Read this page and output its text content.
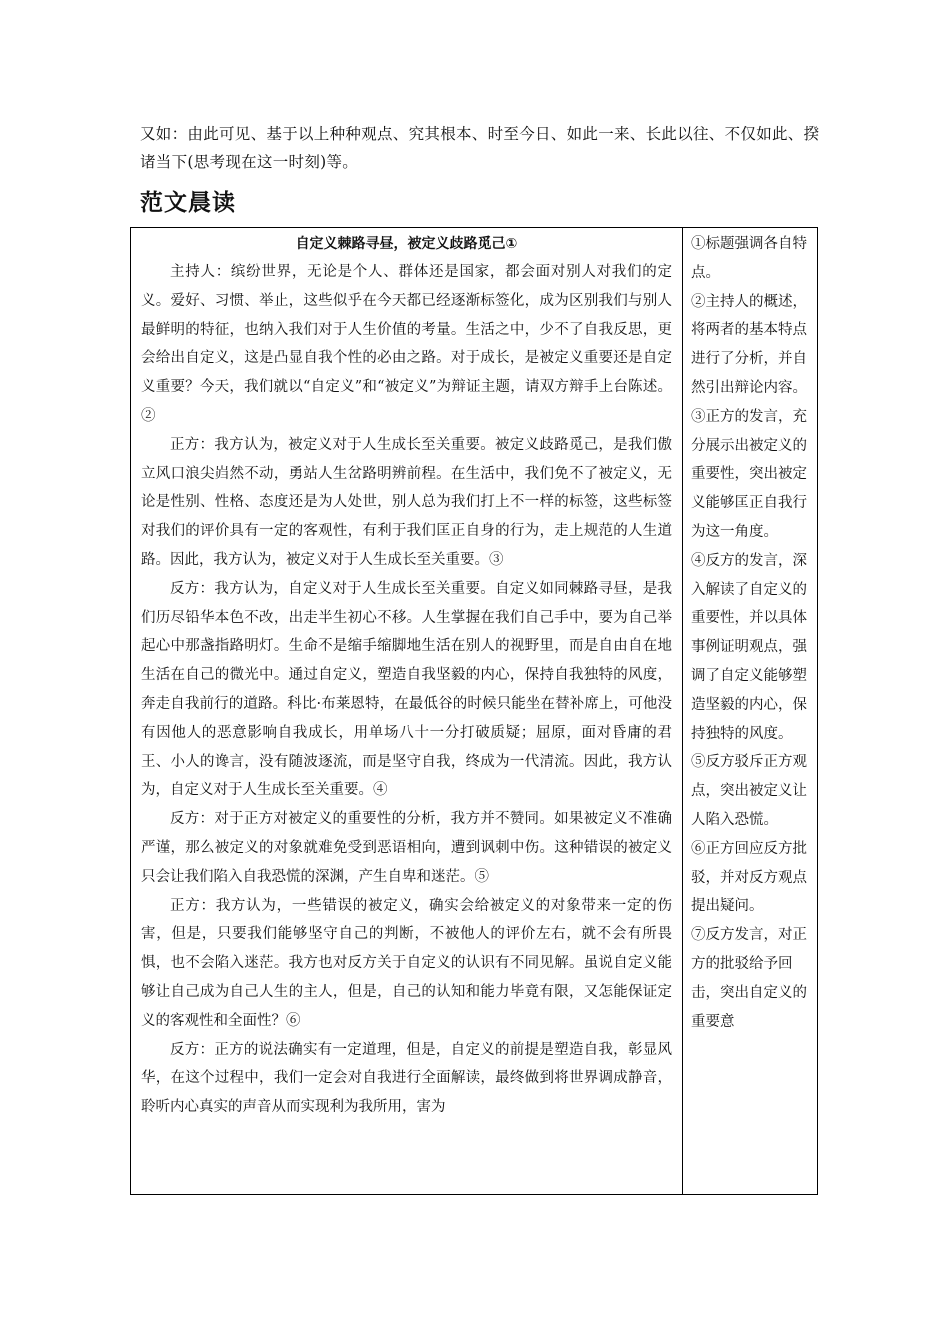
又如：由此可见、基于以上种种观点、究其根本、时至今日、如此一来、长此以往、不仅如此、揆诸当下(思考现在这一时刻)等。
范文晨读
自定义棘路寻昼，被定义歧路觅己①

主持人：缤纷世界，无论是个人、群体还是国家，都会面对别人对我们的定义。爱好、习惯、举止，这些似乎在今天都已经逐渐标签化，成为区别我们与别人最鲜明的特征，也纳入我们对于人生价值的考量。生活之中，少不了自我反思，更会给出自定义，这是凸显自我个性的必由之路。对于成长，是被定义重要还是自定义重要？今天，我们就以“自定义”和“被定义”为辩证主题，请双方辩手上台陈述。②

正方：我方认为，被定义对于人生成长至关重要。被定义歧路觅己，是我们傲立风口浪尖岿然不动，勇站人生岔路明辨前程。在生活中，我们免不了被定义，无论是性别、性格、态度还是为人处世，别人总为我们打上不一样的标签，这些标签对我们的评价具有一定的客观性，有利于我们匡正自身的行为，走上规范的人生道路。因此，我方认为，被定义对于人生成长至关重要。③

反方：我方认为，自定义对于人生成长至关重要。自定义如同棘路寻昼，是我们历尽铅华本色不改，出走半生初心不移。人生掌握在我们自己手中，要为自己举起心中那盏指路明灯。生命不是缩手缩脚地生活在别人的视野里，而是自由自在地生活在自己的微光中。通过自定义，塑造自我坚毅的内心，保持自我独特的风度，奔走自我前行的道路。科比·布莱恩特，在最低谷的时候只能坐在替补席上，可他没有因他人的恶意影响自我成长，用单场八十一分打破质疑；屈原，面对昏庸的君王、小人的谗言，没有随波逐流，而是坚守自我，终成为一代清流。因此，我方认为，自定义对于人生成长至关重要。④

反方：对于正方对被定义的重要性的分析，我方并不赞同。如果被定义不准确严谨，那么被定义的对象就难免受到恶语相向，遭到讽刺中伤。这种错误的被定义只会让我们陷入自我恐慌的深渊，产生自卑和迷茫。⑤

正方：我方认为，一些错误的被定义，确实会给被定义的对象带来一定的伤害，但是，只要我们能够坚守自己的判断，不被他人的评价左右，就不会有所畏惧，也不会陷入迷茫。我方也对反方关于自定义的认识有不同见解。虽说自定义能够让自己成为自己人生的主人，但是，自己的认知和能力毕竟有限，又怎能保证定义的客观性和全面性？⑥

反方：正方的说法确实有一定道理，但是，自定义的前提是塑造自我，彰显风华，在这个过程中，我们一定会对自我进行全面解读，最终做到将世界调成静音，聆听内心真实的声音从而实现利为我所用，害为

①标题强调各自特点。

②主持人的概述，将两者的基本特点进行了分析，并自然引出辩论内容。

③正方的发言，充分展示出被定义的重要性，突出被定义能够匡正自我行为这一角度。

④反方的发言，深入解读了自定义的重要性，并以具体事例证明观点，强调了自定义能够塑造坚毅的内心，保持独特的风度。

⑤反方驳斥正方观点，突出被定义让人陷入恐慌。

⑥正方回应反方批驳，并对反方观点提出疑问。

⑦反方发言，对正方的批驳给予回击，突出自定义的重要意
